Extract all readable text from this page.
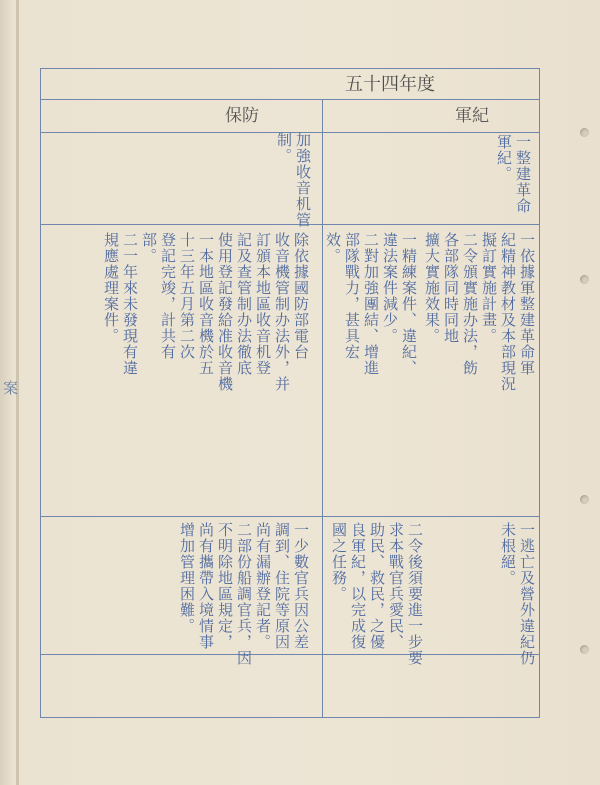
五十四年度
軍紀
保防
一整建革命
軍紀。
加強收音机管
制。
一依據軍整建革命軍
紀精神教材及本部現況
擬訂實施計畫。
二令頒實施办法，飭
各部隊同時同地
擴大實施效果。
一精練案件、違紀、
違法案件減少。
二對加強團結、增進
部隊戰力，甚具宏
效。
除依據國防部電台
收音機管制办法外，并
訂頒本地區收音机登
記及查管制办法徹底
使用登記發給准收音機
一本地區收音機於五
十三年五月第二次
登記完竣，計共有
部。
二一年來未發現有違
規應處理案件。
二令後須要進一步要
求本戰官兵愛民、
助民、救民，之優
良軍紀，以完成復
國之任務。	一逃亡及營外違紀仍
未根絕。
一少數官兵因公差
調到、住院等原因
尚有漏辦登記者。
二部份船調官兵，因
不明除地區規定，
尚有攜帶入境情事
增加管理困難。
案
